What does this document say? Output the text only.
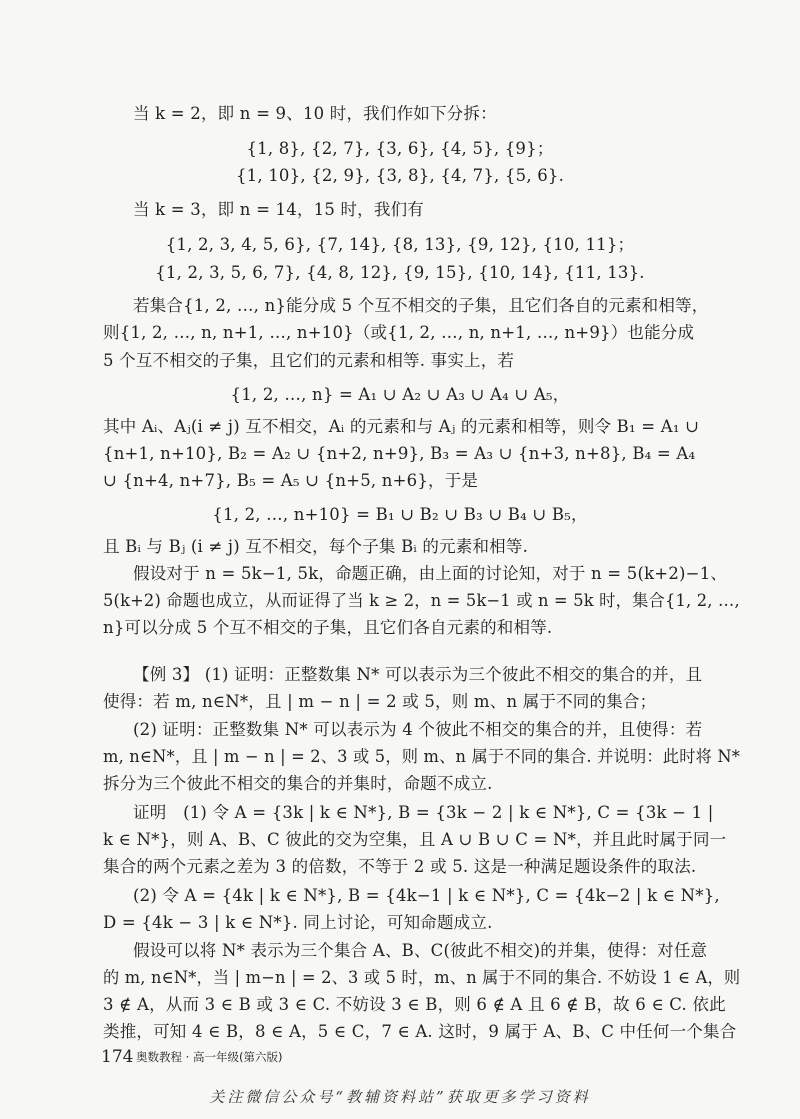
当 k = 2，即 n = 9、10 时，我们作如下分拆：
{1, 8}, {2, 7}, {3, 6}, {4, 5}, {9}；
{1, 10}, {2, 9}, {3, 8}, {4, 7}, {5, 6}.
当 k = 3，即 n = 14，15 时，我们有
{1, 2, 3, 4, 5, 6}, {7, 14}, {8, 13}, {9, 12}, {10, 11}；
{1, 2, 3, 5, 6, 7}, {4, 8, 12}, {9, 15}, {10, 14}, {11, 13}.
若集合{1, 2, …, n}能分成 5 个互不相交的子集，且它们各自的元素和相等，
则{1, 2, …, n, n+1, …, n+10}（或{1, 2, …, n, n+1, …, n+9}）也能分成
5 个互不相交的子集，且它们的元素和相等. 事实上，若
{1, 2, …, n} = A₁ ∪ A₂ ∪ A₃ ∪ A₄ ∪ A₅，
其中 Aᵢ、Aⱼ(i ≠ j) 互不相交，Aᵢ 的元素和与 Aⱼ 的元素和相等，则令 B₁ = A₁ ∪
{n+1, n+10}, B₂ = A₂ ∪ {n+2, n+9}, B₃ = A₃ ∪ {n+3, n+8}, B₄ = A₄
∪ {n+4, n+7}, B₅ = A₅ ∪ {n+5, n+6}，于是
{1, 2, …, n+10} = B₁ ∪ B₂ ∪ B₃ ∪ B₄ ∪ B₅，
且 Bᵢ 与 Bⱼ (i ≠ j) 互不相交，每个子集 Bᵢ 的元素和相等.
假设对于 n = 5k−1, 5k，命题正确，由上面的讨论知，对于 n = 5(k+2)−1、
5(k+2) 命题也成立，从而证得了当 k ≥ 2，n = 5k−1 或 n = 5k 时，集合{1, 2, …,
n}可以分成 5 个互不相交的子集，且它们各自元素的和相等.
【例 3】 (1) 证明：正整数集 N* 可以表示为三个彼此不相交的集合的并，且
使得：若 m, n∈N*，且 | m − n | = 2 或 5，则 m、n 属于不同的集合；
(2) 证明：正整数集 N* 可以表示为 4 个彼此不相交的集合的并，且使得：若
m, n∈N*，且 | m − n | = 2、3 或 5，则 m、n 属于不同的集合. 并说明：此时将 N*
拆分为三个彼此不相交的集合的并集时，命题不成立.
证明　(1) 令 A = {3k | k ∈ N*}, B = {3k − 2 | k ∈ N*}, C = {3k − 1 |
k ∈ N*}，则 A、B、C 彼此的交为空集，且 A ∪ B ∪ C = N*，并且此时属于同一
集合的两个元素之差为 3 的倍数，不等于 2 或 5. 这是一种满足题设条件的取法.
(2) 令 A = {4k | k ∈ N*}, B = {4k−1 | k ∈ N*}, C = {4k−2 | k ∈ N*},
D = {4k − 3 | k ∈ N*}. 同上讨论，可知命题成立.
假设可以将 N* 表示为三个集合 A、B、C(彼此不相交)的并集，使得：对任意
的 m, n∈N*，当 | m−n | = 2、3 或 5 时，m、n 属于不同的集合. 不妨设 1 ∈ A，则
3 ∉ A，从而 3 ∈ B 或 3 ∈ C. 不妨设 3 ∈ B，则 6 ∉ A 且 6 ∉ B，故 6 ∈ C. 依此
类推，可知 4 ∈ B，8 ∈ A，5 ∈ C，7 ∈ A. 这时，9 属于 A、B、C 中任何一个集合
174 奥数教程 · 高一年级(第六版)
关注微信公众号“教辅资料站”获取更多学习资料
